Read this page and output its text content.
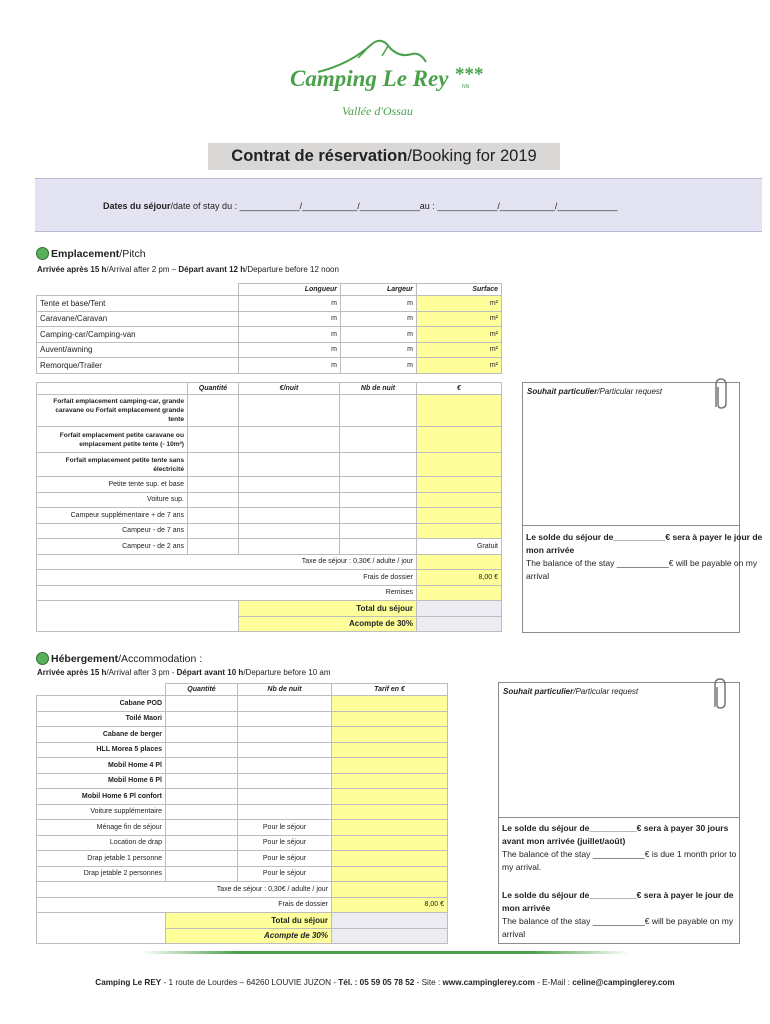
Camping Le Rey ***
NN
Vallée d'Ossau
Contrat de réservation/Booking for 2019
Dates du séjour/date of stay du : ____________/___________/____________au : ____________/___________/____________
Emplacement /Pitch
Arrivée après 15 h/Arrival after 2 pm – Départ avant 12 h/Departure before 12 noon
	Longueur	Largeur	Surface
Tente et base/Tent	m	m	m²
Caravane/Caravan	m	m	m²
Camping-car/Camping-van	m	m	m²
Auvent/awning	m	m	m²
Remorque/Trailer	m	m	m²
	Quantité	€/nuit	Nb de nuit	€
Forfait emplacement camping-car, grande caravane ou Forfait emplacement grande tente				
Forfait emplacement petite caravane ou emplacement petite tente (- 10m²)				
Forfait emplacement petite tente sans électricité				
Petite tente sup. et base				
Voiture sup.				
Campeur supplémentaire + de 7 ans				
Campeur - de 7 ans				
Campeur - de 2 ans				Gratuit
Taxe de séjour : 0,30€ / adulte / jour				
Frais de dossier				8,00 €
Remises				
		Total du séjour		
		Acompte de 30%		
Souhait particulier/Particular request
Le solde du séjour de___________€ sera à payer le jour de mon arrivée
The balance of the stay ___________€ will be payable on my arrival
Hébergement /Accommodation :
Arrivée après 15 h/Arrival after 3 pm - Départ avant 10 h/Departure before 10 am
	Quantité	Nb de nuit	Tarif en €
Cabane POD			
Toilé Maori			
Cabane de berger			
HLL Morea 5 places			
Mobil Home 4 Pl			
Mobil Home 6 Pl			
Mobil Home 6 Pl confort			
Voiture supplémentaire			
Ménage fin de séjour		Pour le séjour	
Location de drap		Pour le séjour	
Drap jetable 1 personne		Pour le séjour	
Drap jetable 2 personnes		Pour le séjour	
Taxe de séjour : 0,30€ / adulte / jour			
Frais de dossier			8,00 €
	Total du séjour		
	Acompte de 30%		
Souhait particulier/Particular request
Le solde du séjour de__________€ sera à payer 30 jours avant mon arrivée (juillet/août)
The balance of the stay ___________€ is due 1 month prior to my arrival.
Le solde du séjour de__________€ sera à payer le jour de mon arrivée
The balance of the stay ___________€ will be payable on my arrival
Camping Le REY - 1 route de Lourdes – 64260 LOUVIE JUZON - Tél. : 05 59 05 78 52 - Site : www.campinglerey.com - E-Mail : celine@campinglerey.com
